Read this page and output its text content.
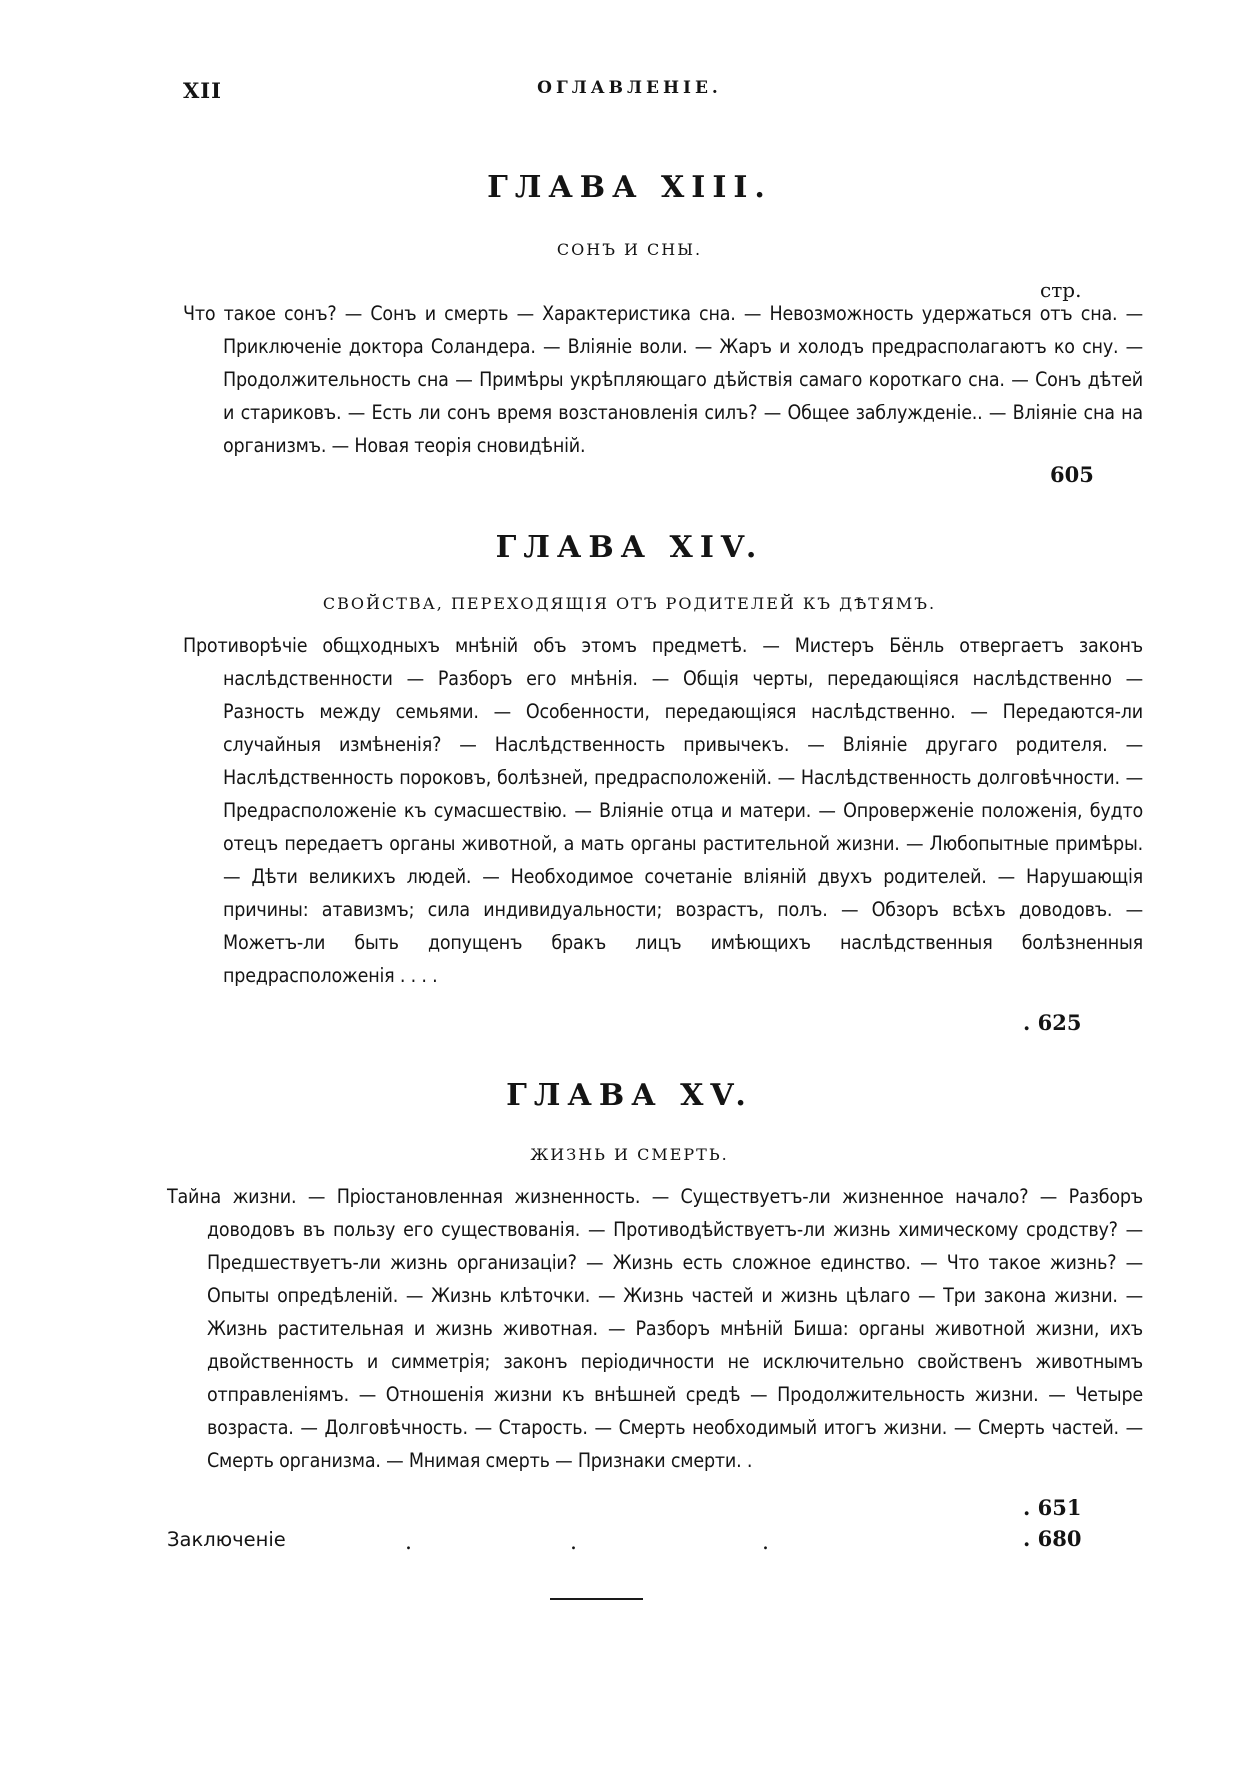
XII	ОГЛАВЛЕНІЕ.
ГЛАВА XIII.
СОНЪ И СНЫ.
стр.
Что такое сонъ? — Сонъ и смерть — Характеристика сна. — Невозможность удержаться отъ сна. — Приключеніе доктора Соландера. — Вліяніе воли. — Жаръ и холодъ предрасполагаютъ ко сну. — Продолжительность сна — Примѣры укрѣпляющаго дѣйствія самаго короткаго сна. — Сонъ дѣтей и стариковъ. — Есть ли сонъ время возстановленія силъ? — Общее заблужденіе.. — Вліяніе сна на организмъ. — Новая теорія сновидѣній.
605
ГЛАВА XIV.
СВОЙСТВА, ПЕРЕХОДЯЩІЯ ОТЪ РОДИТЕЛЕЙ КЪ ДѢТЯМЪ.
Противорѣчіе общходныхъ мнѣній объ этомъ предметѣ. — Мистеръ Бёнль отвергаетъ законъ наслѣдственности — Разборъ его мнѣнія. — Общія черты, передающіяся наслѣдственно — Разность между семьями. — Особенности, передающіяся наслѣдственно. — Передаются-ли случайныя измѣненія? — Наслѣдственность привычекъ. — Вліяніе другаго родителя. — Наслѣдственность пороковъ, болѣзней, предрасположеній. — Наслѣдственность долговѣчности. — Предрасположеніе къ сумасшествію. — Вліяніе отца и матери. — Опроверженіе положенія, будто отецъ передаетъ органы животной, а мать органы растительной жизни. — Любопытные примѣры. — Дѣти великихъ людей. — Необходимое сочетаніе вліяній двухъ родителей. — Нарушающія причины: атавизмъ; сила индивидуальности; возрастъ, полъ. — Обзоръ всѣхъ доводовъ. — Можетъ-ли быть допущенъ бракъ лицъ имѣющихъ наслѣдственныя болѣзненныя предрасположенія . . . .
. 625
ГЛАВА XV.
ЖИЗНЬ И СМЕРТЬ.
Тайна жизни. — Пріостановленная жизненность. — Существуетъ-ли жизненное начало? — Разборъ доводовъ въ пользу его существованія. — Противодѣйствуетъ-ли жизнь химическому сродству? — Предшествуетъ-ли жизнь организаціи? — Жизнь есть сложное единство. — Что такое жизнь? — Опыты опредѣленій. — Жизнь клѣточки. — Жизнь частей и жизнь цѣлаго — Три закона жизни. — Жизнь растительная и жизнь животная. — Разборъ мнѣній Биша: органы животной жизни, ихъ двойственность и симметрія; законъ періодичности не исключительно свойственъ животнымъ отправленіямъ. — Отношенія жизни къ внѣшней средѣ — Продолжительность жизни. — Четыре возраста. — Долговѣчность. — Старость. — Смерть необходимый итогъ жизни. — Смерть частей. — Смерть организма. — Мнимая смерть — Признаки смерти. .
. 651
Заключеніе	.	.	.	. 680
